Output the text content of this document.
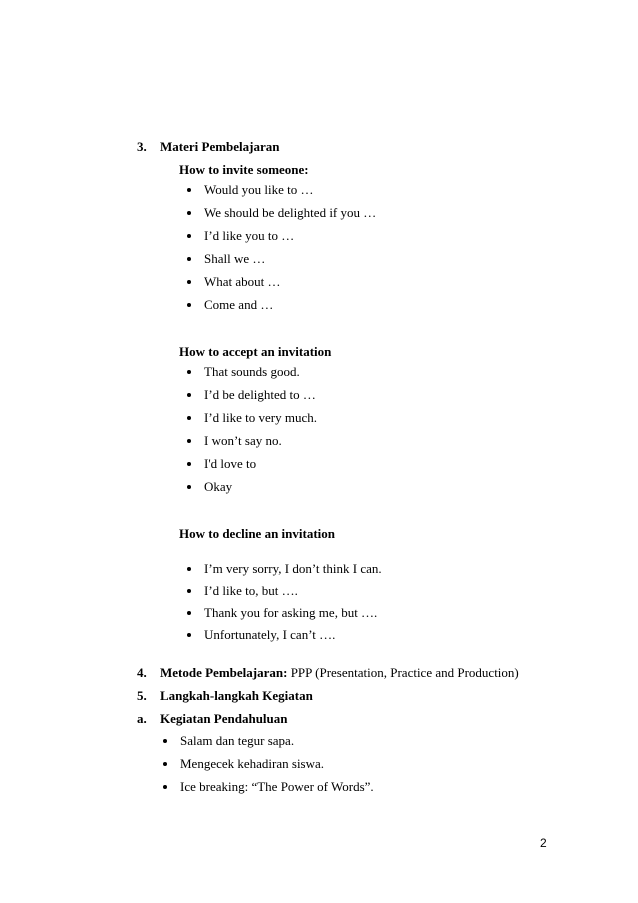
3. Materi Pembelajaran
How to invite someone:
Would you like to …
We should be delighted if you …
I’d like you to …
Shall we …
What about …
Come and …
How to accept an invitation
That sounds good.
I’d be delighted to …
I’d like to very much.
I won’t say no.
I'd love to
Okay
How to decline an invitation
I’m very sorry, I don’t think I can.
I’d like to, but ….
Thank you for asking me, but ….
Unfortunately, I can’t ….
4. Metode Pembelajaran: PPP (Presentation, Practice and Production)
5. Langkah-langkah Kegiatan
a. Kegiatan Pendahuluan
Salam dan tegur sapa.
Mengecek kehadiran siswa.
Ice breaking: “The Power of Words”.
2
